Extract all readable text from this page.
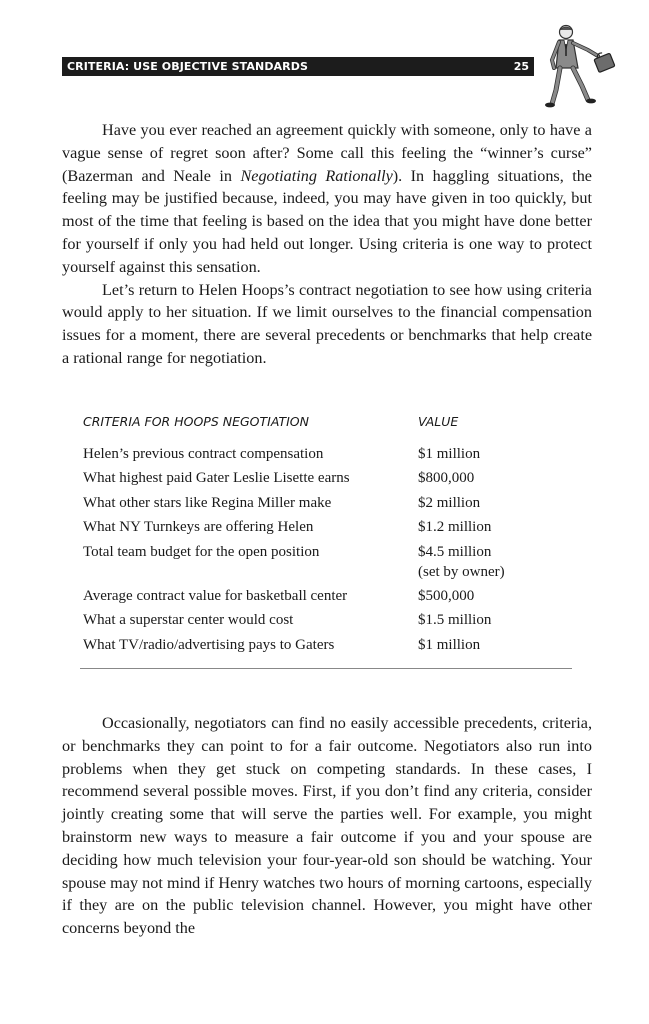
CRITERIA: USE OBJECTIVE STANDARDS	25

Have you ever reached an agreement quickly with someone, only to have a vague sense of regret soon after? Some call this feeling the “winner’s curse” (Bazerman and Neale in Negotiating Rationally). In haggling situations, the feeling may be justified because, indeed, you may have given in too quickly, but most of the time that feeling is based on the idea that you might have done better for yourself if only you had held out longer. Using criteria is one way to protect yourself against this sensation.

Let’s return to Helen Hoops’s contract negotiation to see how using criteria would apply to her situation. If we limit ourselves to the financial compensation issues for a moment, there are several precedents or benchmarks that help create a rational range for negotiation.

CRITERIA FOR HOOPS NEGOTIATION	VALUE
Helen’s previous contract compensation	$1 million
What highest paid Gater Leslie Lisette earns	$800,000
What other stars like Regina Miller make	$2 million
What NY Turnkeys are offering Helen	$1.2 million
Total team budget for the open position	$4.5 million
(set by owner)
Average contract value for basketball center	$500,000
What a superstar center would cost	$1.5 million
What TV/radio/advertising pays to Gaters	$1 million

Occasionally, negotiators can find no easily accessible precedents, criteria, or benchmarks they can point to for a fair outcome. Negotiators also run into problems when they get stuck on competing standards. In these cases, I recommend several possible moves. First, if you don’t find any criteria, consider jointly creating some that will serve the parties well. For example, you might brainstorm new ways to measure a fair outcome if you and your spouse are deciding how much television your four-year-old son should be watching. Your spouse may not mind if Henry watches two hours of morning cartoons, especially if they are on the public television channel. However, you might have other concerns beyond the
